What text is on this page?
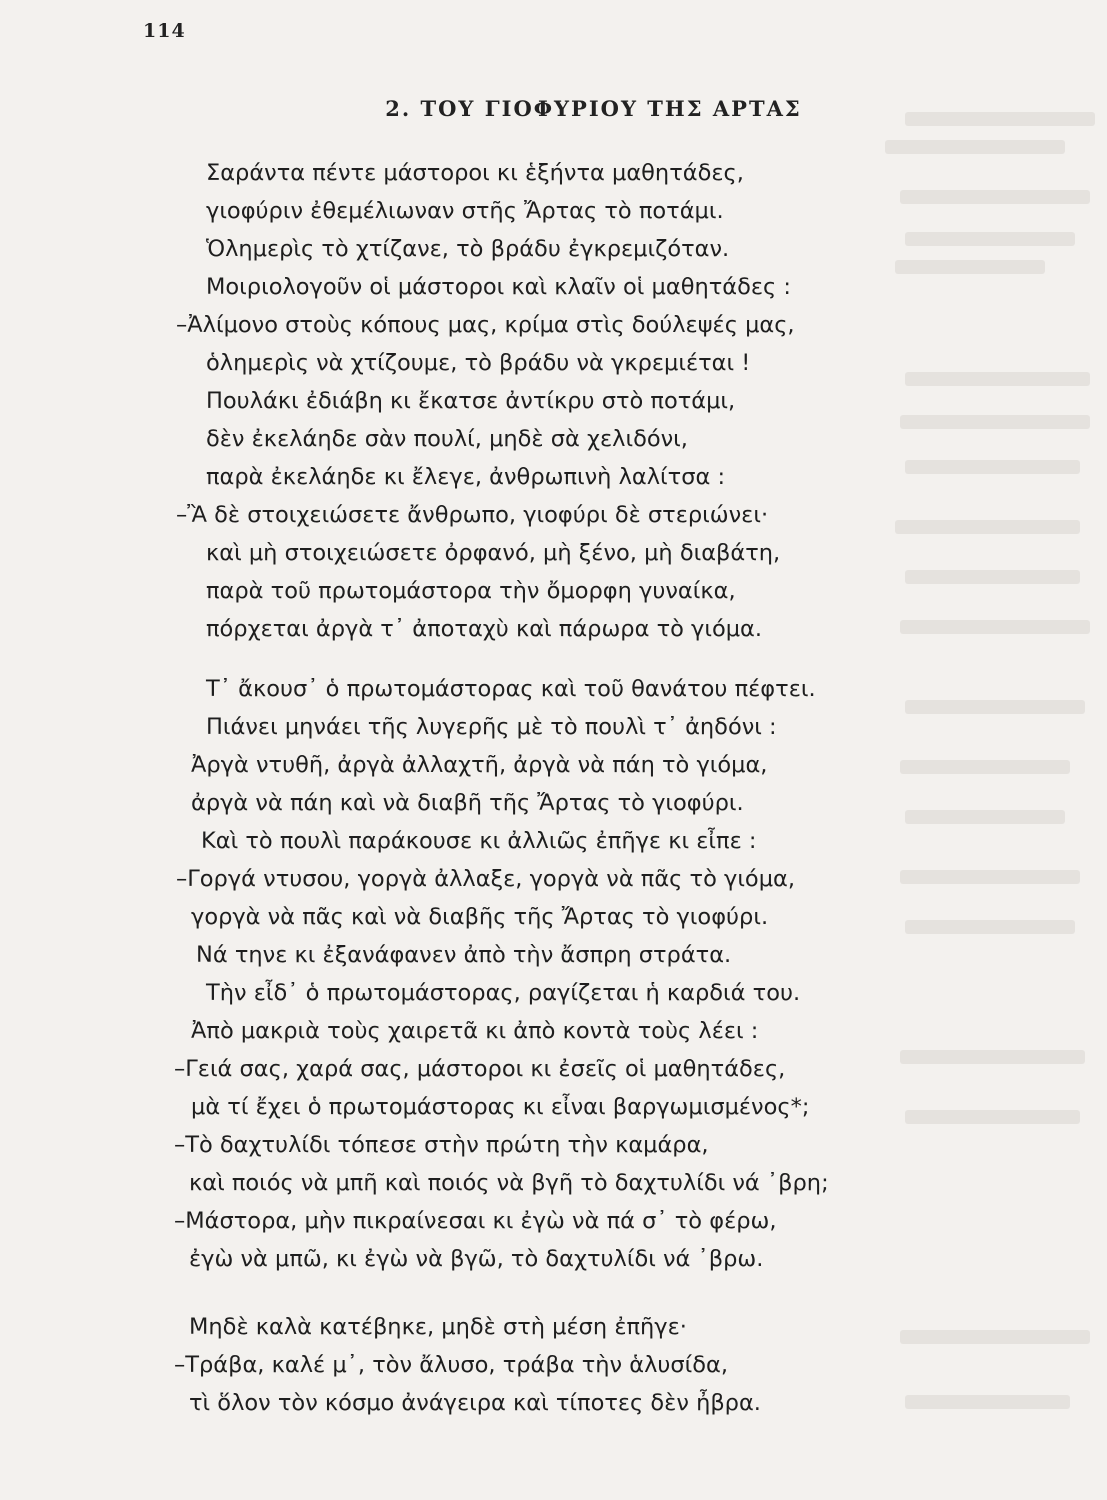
114
2. ΤΟΥ ΓΙΟΦΥΡΙΟΥ ΤΗΣ ΑΡΤΑΣ
Σαράντα πέντε μάστοροι κι ἑξήντα μαθητάδες,
γιοφύριν ἐθεμέλιωναν στῆς Ἄρτας τὸ ποτάμι.
Ὁλημερὶς τὸ χτίζανε, τὸ βράδυ ἐγκρεμιζόταν.
Μοιριολογοῦν οἱ μάστοροι καὶ κλαῖν οἱ μαθητάδες :
–Ἀλίμονο στοὺς κόπους μας, κρίμα στὶς δούλεψές μας,
ὁλημερὶς νὰ χτίζουμε, τὸ βράδυ νὰ γκρεμιέται !
Πουλάκι ἐδιάβη κι ἔκατσε ἀντίκρυ στὸ ποτάμι,
δὲν ἐκελάηδε σὰν πουλί, μηδὲ σὰ χελιδόνι,
παρὰ ἐκελάηδε κι ἔλεγε, ἀνθρωπινὴ λαλίτσα :
–Ἂ δὲ στοιχειώσετε ἄνθρωπο, γιοφύρι δὲ στεριώνει·
καὶ μὴ στοιχειώσετε ὀρφανό, μὴ ξένο, μὴ διαβάτη,
παρὰ τοῦ πρωτομάστορα τὴν ὄμορφη γυναίκα,
πόρχεται ἀργὰ τ᾿ ἀποταχὺ καὶ πάρωρα τὸ γιόμα.
Τ᾿ ἄκουσ᾿ ὁ πρωτομάστορας καὶ τοῦ θανάτου πέφτει.
Πιάνει μηνάει τῆς λυγερῆς μὲ τὸ πουλὶ τ᾿ ἀηδόνι :
Ἀργὰ ντυθῆ, ἀργὰ ἀλλαχτῆ, ἀργὰ νὰ πάη τὸ γιόμα,
ἀργὰ νὰ πάη καὶ νὰ διαβῆ τῆς Ἄρτας τὸ γιοφύρι.
Καὶ τὸ πουλὶ παράκουσε κι ἀλλιῶς ἐπῆγε κι εἶπε :
–Γοργά ντυσου, γοργὰ ἀλλαξε, γοργὰ νὰ πᾶς τὸ γιόμα,
γοργὰ νὰ πᾶς καὶ νὰ διαβῆς τῆς Ἄρτας τὸ γιοφύρι.
Νά τηνε κι ἐξανάφανεν ἀπὸ τὴν ἄσπρη στράτα.
Τὴν εἶδ᾿ ὁ πρωτομάστορας, ραγίζεται ἡ καρδιά του.
Ἀπὸ μακριὰ τοὺς χαιρετᾶ κι ἀπὸ κοντὰ τοὺς λέει :
–Γειά σας, χαρά σας, μάστοροι κι ἐσεῖς οἱ μαθητάδες,
μὰ τί ἔχει ὁ πρωτομάστορας κι εἶναι βαργωμισμένος*;
–Τὸ δαχτυλίδι τόπεσε στὴν πρώτη τὴν καμάρα,
καὶ ποιός νὰ μπῆ καὶ ποιός νὰ βγῆ τὸ δαχτυλίδι νά ᾿βρη;
–Μάστορα, μὴν πικραίνεσαι κι ἐγὼ νὰ πά σ᾿ τὸ φέρω,
ἐγὼ νὰ μπῶ, κι ἐγὼ νὰ βγῶ, τὸ δαχτυλίδι νά ᾿βρω.
Μηδὲ καλὰ κατέβηκε, μηδὲ στὴ μέση ἐπῆγε·
–Τράβα, καλέ μ᾿, τὸν ἄλυσο, τράβα τὴν ἁλυσίδα,
τὶ ὅλον τὸν κόσμο ἀνάγειρα καὶ τίποτες δὲν ἦβρα.
